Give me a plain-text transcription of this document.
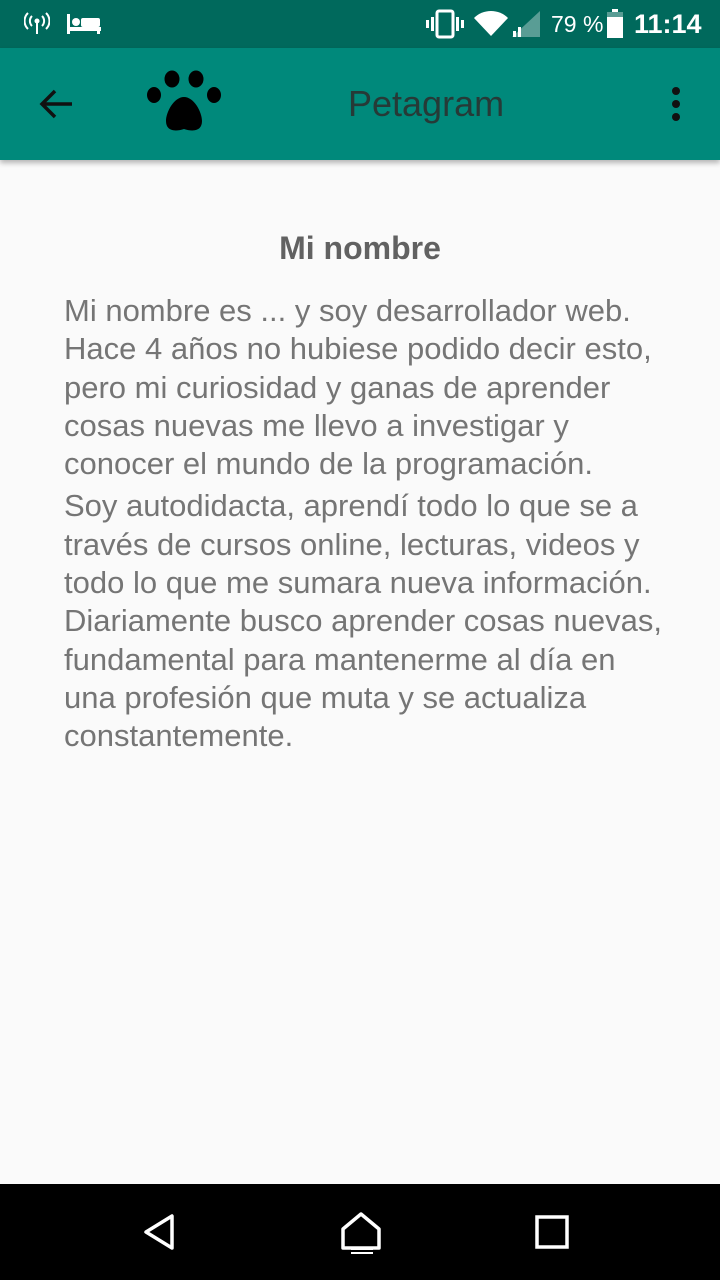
79 % 11:14
Petagram
Mi nombre

Mi nombre es ... y soy desarrollador web. Hace 4 años no hubiese podido decir esto, pero mi curiosidad y ganas de aprender cosas nuevas me llevo a investigar y conocer el mundo de la programación.

Soy autodidacta, aprendí todo lo que se a través de cursos online, lecturas, videos y todo lo que me sumara nueva información. Diariamente busco aprender cosas nuevas, fundamental para mantenerme al día en una profesión que muta y se actualiza constantemente.
